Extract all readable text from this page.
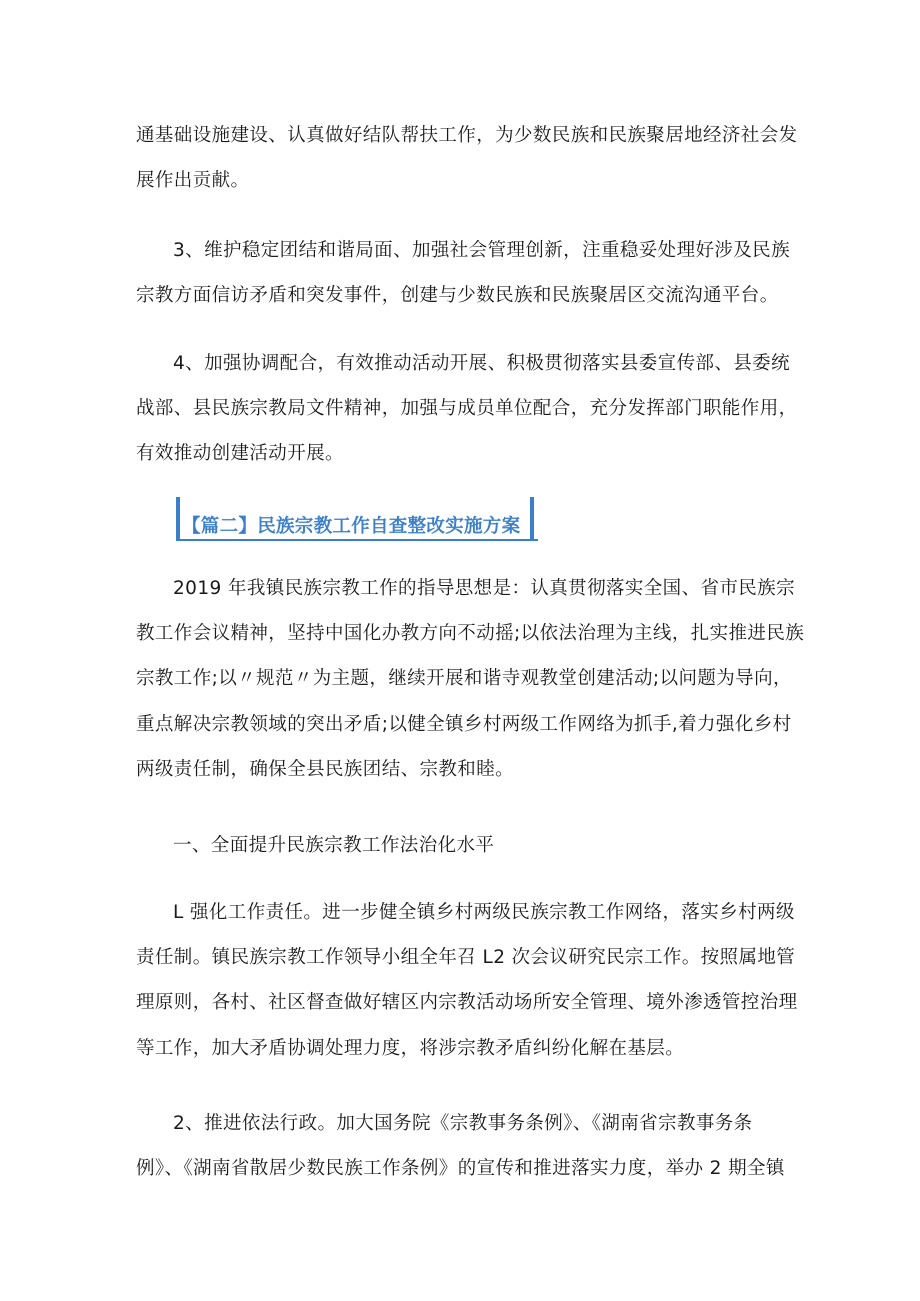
通基础设施建设、认真做好结队帮扶工作，为少数民族和民族聚居地经济社会发
展作出贡献。
3、维护稳定团结和谐局面、加强社会管理创新，注重稳妥处理好涉及民族
宗教方面信访矛盾和突发事件，创建与少数民族和民族聚居区交流沟通平台。
4、加强协调配合，有效推动活动开展、积极贯彻落实县委宣传部、县委统
战部、县民族宗教局文件精神，加强与成员单位配合，充分发挥部门职能作用，
有效推动创建活动开展。
【篇二】民族宗教工作自查整改实施方案
2019 年我镇民族宗教工作的指导思想是：认真贯彻落实全国、省市民族宗
教工作会议精神，坚持中国化办教方向不动摇;以依法治理为主线，扎实推进民族
宗教工作;以〃规范〃为主题，继续开展和谐寺观教堂创建活动;以问题为导向，
重点解决宗教领域的突出矛盾;以健全镇乡村两级工作网络为抓手,着力强化乡村
两级责任制，确保全县民族团结、宗教和睦。
一、全面提升民族宗教工作法治化水平
L 强化工作责任。进一步健全镇乡村两级民族宗教工作网络，落实乡村两级
责任制。镇民族宗教工作领导小组全年召 L2 次会议研究民宗工作。按照属地管
理原则，各村、社区督查做好辖区内宗教活动场所安全管理、境外渗透管控治理
等工作，加大矛盾协调处理力度，将涉宗教矛盾纠纷化解在基层。
2、推进依法行政。加大国务院《宗教事务条例》、《湖南省宗教事务条
例》、《湖南省散居少数民族工作条例》的宣传和推进落实力度，举办 2 期全镇
